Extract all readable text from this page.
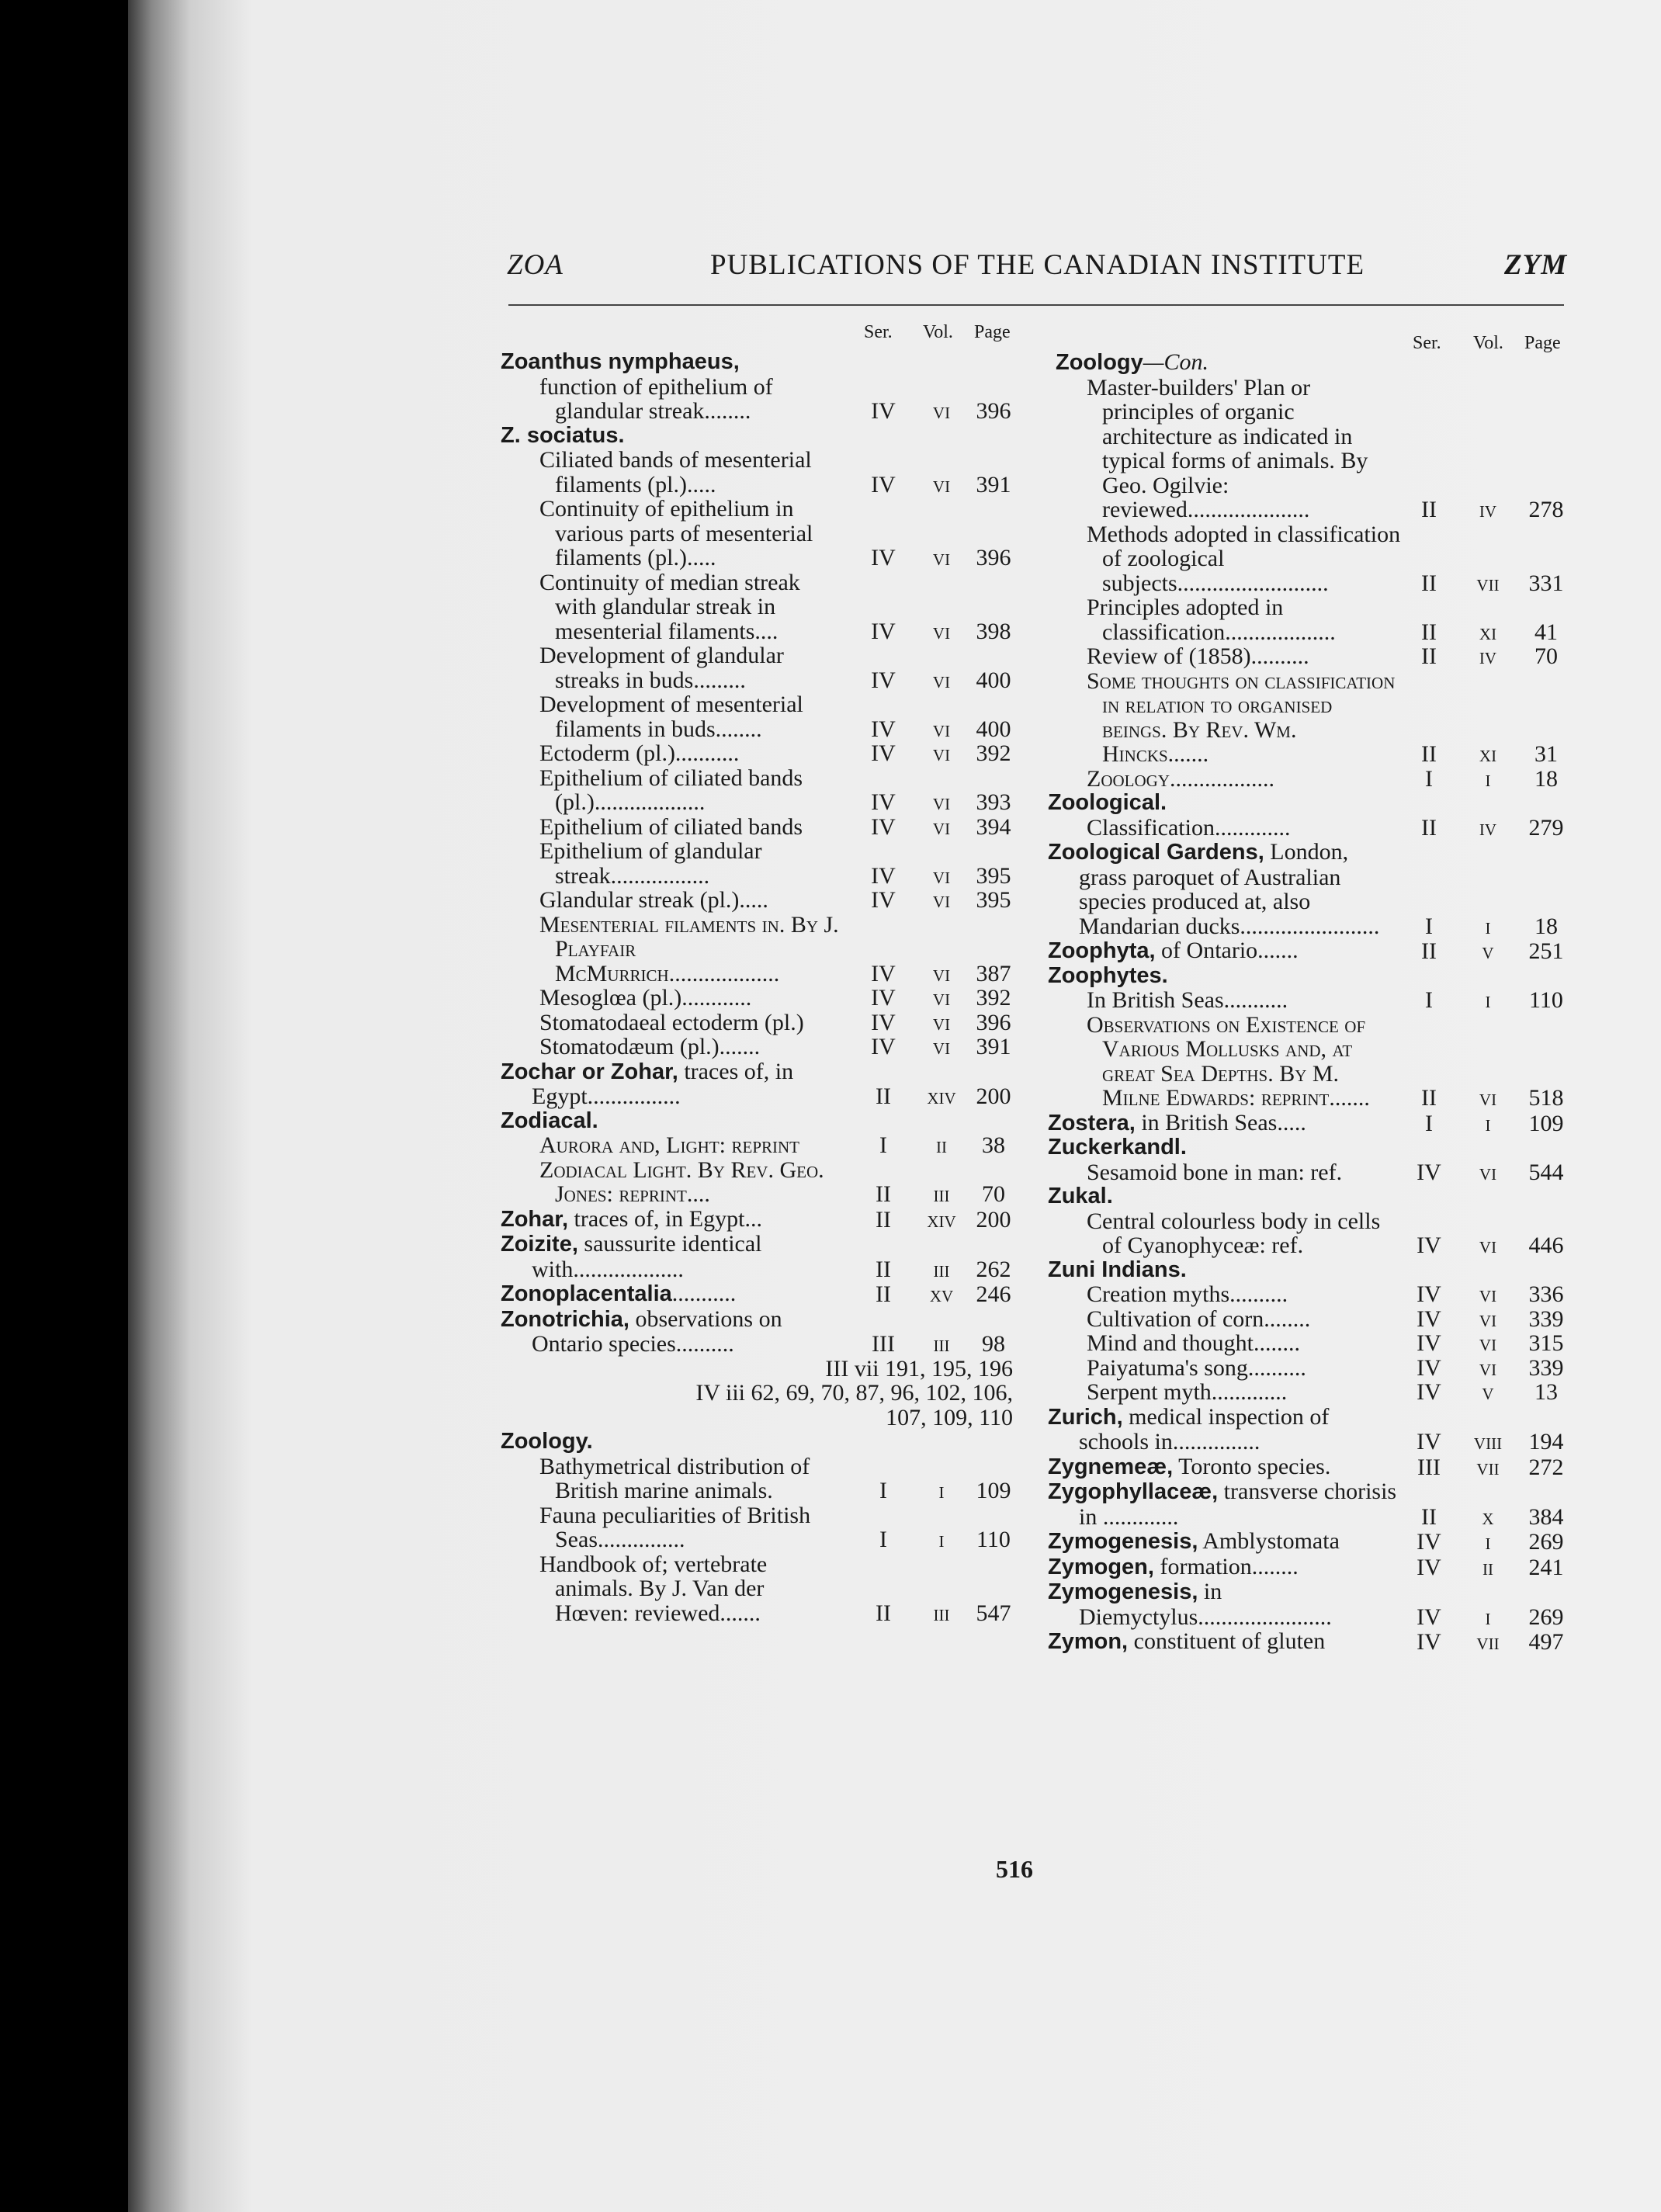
ZOA	PUBLICATIONS OF THE CANADIAN INSTITUTE	ZYM
Ser. Vol. Page
Zoanthus nymphaeus,
function of epithelium of glandular streak........	IV	vi	396
Z. sociatus.
Ciliated bands of mesenterial filaments (pl.).....	IV	vi	391
Continuity of epithelium in various parts of mesenterial filaments (pl.).....	IV	vi	396
Continuity of median streak with glandular streak in mesenterial filaments....	IV	vi	398
Development of glandular streaks in buds.........	IV	vi	400
Development of mesenterial filaments in buds........	IV	vi	400
Ectoderm (pl.)...........	IV	vi	392
Epithelium of ciliated bands (pl.)...................	IV	vi	393
Epithelium of ciliated bands	IV	vi	394
Epithelium of glandular streak.................	IV	vi	395
Glandular streak (pl.).....	IV	vi	395
Mesenterial filaments in. By J. Playfair McMurrich...................	IV	vi	387
Mesoglœa (pl.)............	IV	vi	392
Stomatodaeal ectoderm (pl.)	IV	vi	396
Stomatodæum (pl.).......	IV	vi	391
Zochar or Zohar, traces of, in Egypt................	II	xiv 200
Zodiacal.
Aurora and, Light: reprint	I	ii	38
Zodiacal Light. By Rev. Geo. Jones: reprint....	II	iii	70
Zohar, traces of, in Egypt...	II	xiv 200
Zoizite, saussurite identical with...................	II	iii	262
Zonoplacentalia...........	II	xv 246
Zonotrichia, observations on Ontario species..........	III	iii	98
III vii 191, 195, 196
IV iii 62, 69, 70, 87, 96, 102, 106,
107, 109, 110
Zoology.
Bathymetrical distribution of British marine animals.	I	i	109
Fauna peculiarities of British Seas...............	I	i	110
Handbook of; vertebrate animals. By J. Van der Hœven: reviewed.......	II	iii	547
Ser. Vol. Page
Zoology—Con.
Master-builders' Plan or principles of organic architecture as indicated in typical forms of animals. By Geo. Ogilvie: reviewed.....................	II	iv	278
Methods adopted in classification of zoological subjects..........................	II	vii	331
Principles adopted in classification...................	II	xi	41
Review of (1858)..........	II	iv	70
Some thoughts on classification in relation to organised beings. By Rev. Wm. Hincks.......	II	xi	31
Zoology..................	I	i	18
Zoological.
Classification.............	II	iv	279
Zoological Gardens, London, grass paroquet of Australian species produced at, also Mandarian ducks........................	I	i	18
Zoophyta, of Ontario.......	II	v	251
Zoophytes.
In British Seas...........	I	i	110
Observations on Existence of Various Mollusks and, at great Sea Depths. By M. Milne Edwards: reprint.......	II	vi	518
Zostera, in British Seas.....	I	i	109
Zuckerkandl.
Sesamoid bone in man: ref.	IV	vi	544
Zukal.
Central colourless body in cells of Cyanophyceæ: ref.	IV	vi	446
Zuni Indians.
Creation myths..........	IV	vi	336
Cultivation of corn........	IV	vi	339
Mind and thought........	IV	vi	315
Paiyatuma's song..........	IV	vi	339
Serpent myth.............	IV	v	13
Zurich, medical inspection of schools in...............	IV	viii	194
Zygnemeæ, Toronto species.	III	vii	272
Zygophyllaceæ, transverse chorisis in .............	II	x	384
Zymogenesis, Amblystomata	IV	i	269
Zymogen, formation........	IV	ii	241
Zymogenesis, in Diemyctylus.......................	IV	i	269
Zymon, constituent of gluten	IV	vii	497
516
